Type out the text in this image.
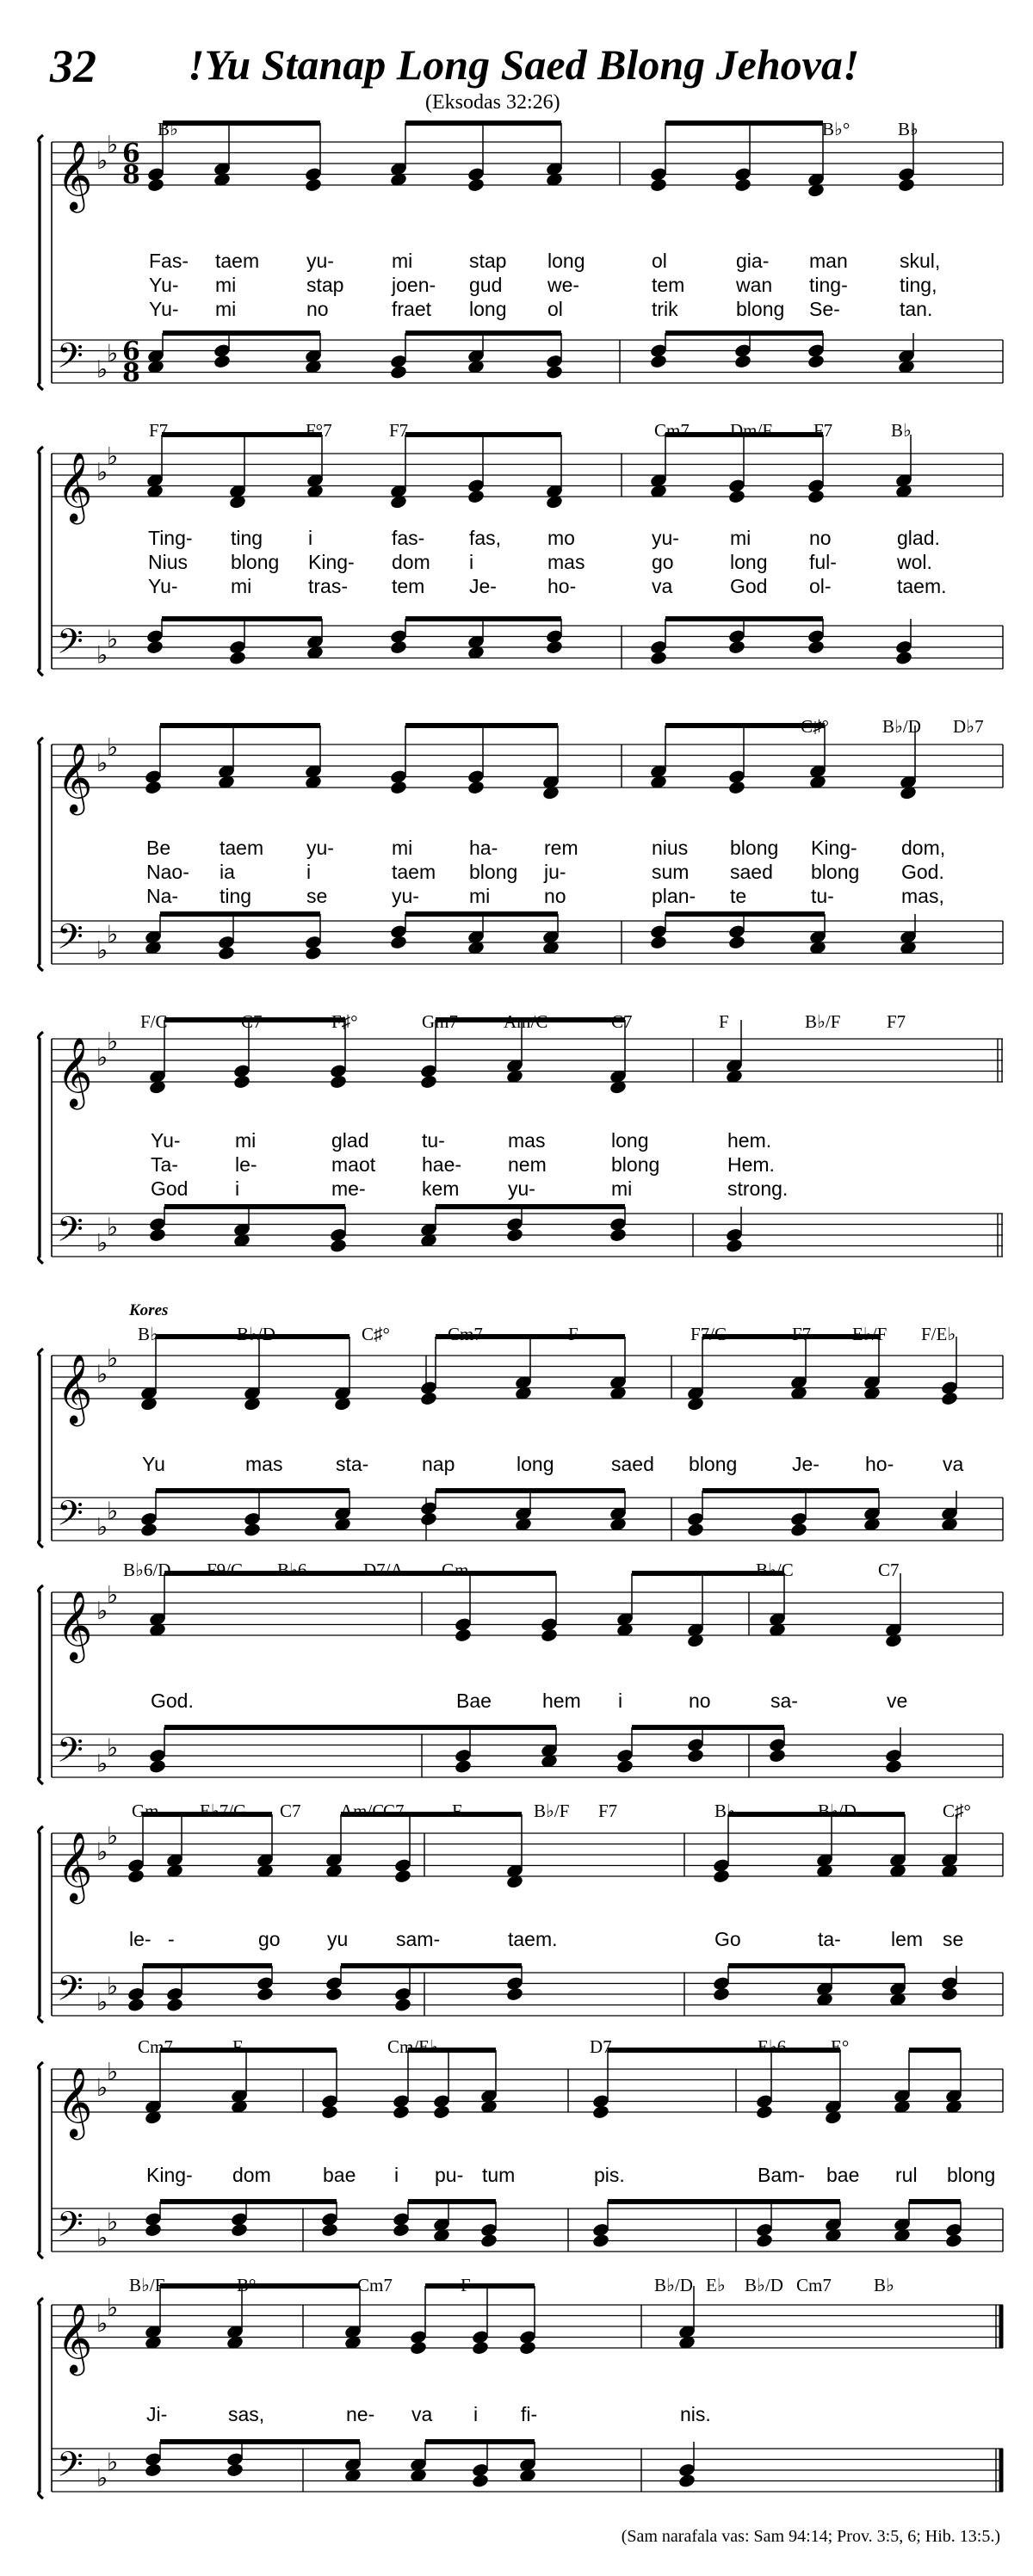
32 !Yu Stanap Long Saed Blong Jehova!
(Eksodas 32:26)
𝄞
𝄢
♭
♭
♭
♭
6
8
6
8
𝄞
𝄢
♭
♭
♭
♭
𝄞
𝄢
♭
♭
♭
♭
𝄞
𝄢
♭
♭
♭
♭
𝄞
𝄢
♭
♭
♭
♭
𝄞
𝄢
♭
♭
♭
♭
𝄞
𝄢
♭
♭
♭
♭
𝄞
𝄢
♭
♭
♭
♭
𝄞
𝄢
♭
♭
♭
♭
B♭	B♭°	B♭
Fas- taem yu-	mi	stap long	ol	gia- man	skul,
Yu- mi	stap joen- gud we-	tem	wan ting-	ting,
Yu- mi	no	fraet long ol	trik	blong Se-	tan.
F7	F°7	F7	Cm7 Dm/F F7	B♭
Ting- ting i	fas- fas, mo	yu-	mi	no	glad.
Nius blong King- dom i	mas	go	long ful-	wol.
Yu-	mi	tras- tem Je-	ho-	va	God ol-	taem.
C♯°	B♭/D D♭7
Be taem yu-	mi	ha- rem	nius blong King- dom,
Nao- ia	i	taem blong ju-	sum saed blong God.
Na- ting	se	yu-	mi	no	plan- te	tu-	mas,
F/C	C7	F♯°	Gm7	Am/C	C7	F	B♭/F	F7
Yu-	mi	glad	tu-	mas	long	hem.
Ta-	le-	maot hae- nem	blong	Hem.
God i	me-	kem yu-	mi	strong.
B♭	B♭/D	C♯°	Cm7	F	F7/C	F7 E♭/F F/E♭
Yu	mas	sta-	nap	long	saed blong	Je- ho- va
Kores
B♭6/D F9/C B♭6	D7/A Gm	B♭/C	C7
God.	Bae	hem i	no	sa-	ve
Gm E♭7/G C7 Am/C
C7	F	B♭/F F7	B♭	B♭/D	C♯°
le- -	go yu sam-	taem.	Go	ta-	lem se
Cm7	F	Cm/E♭	D7	E♭6 E°
King- dom	bae i pu- tum	pis.	Bam- bae rul blong
B♭/F	B°	Cm7	F	B♭/D E♭ B♭/D Cm7 B♭
Ji-	sas,	ne- va i fi-	nis.
(Sam narafala vas: Sam 94:14; Prov. 3:5, 6; Hib. 13:5.)
